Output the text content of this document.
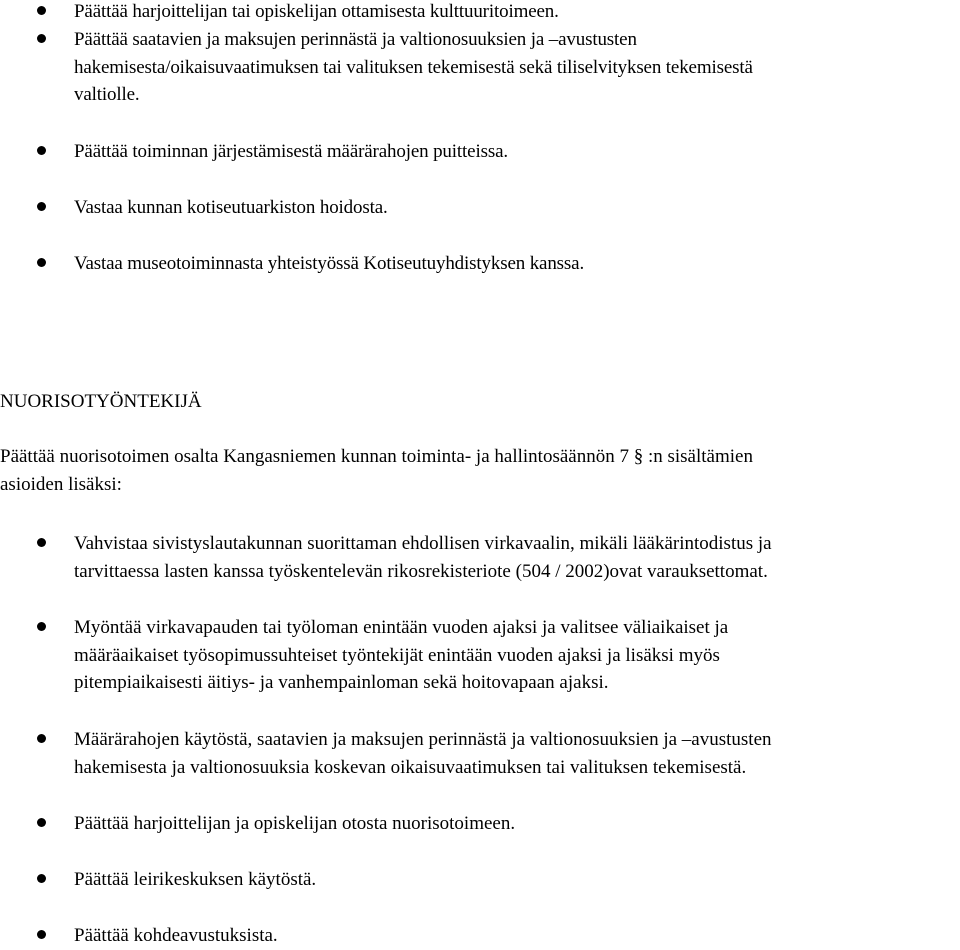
Päättää harjoittelijan tai opiskelijan ottamisesta kulttuuritoimeen.
Päättää saatavien ja maksujen perinnästä ja valtionosuuksien ja –avustusten
hakemisesta/oikaisuvaatimuksen tai valituksen tekemisestä sekä tiliselvityksen tekemisestä
valtiolle.
Päättää toiminnan järjestämisestä määrärahojen puitteissa.
Vastaa kunnan kotiseutuarkiston hoidosta.
Vastaa museotoiminnasta yhteistyössä Kotiseutuyhdistyksen kanssa.
NUORISOTYÖNTEKIJÄ
Päättää nuorisotoimen osalta Kangasniemen kunnan toiminta- ja hallintosäännön 7 § :n sisältämien
asioiden lisäksi:
Vahvistaa sivistyslautakunnan suorittaman ehdollisen virkavaalin, mikäli lääkärintodistus ja
tarvittaessa lasten kanssa työskentelevän rikosrekisteriote (504 / 2002)ovat varauksettomat.
Myöntää virkavapauden tai työloman enintään vuoden ajaksi ja valitsee väliaikaiset ja
määräaikaiset työsopimussuhteiset työntekijät enintään vuoden ajaksi ja lisäksi myös
pitempiaikaisesti äitiys- ja vanhempainloman sekä hoitovapaan ajaksi.
Määrärahojen käytöstä, saatavien ja maksujen perinnästä ja valtionosuuksien ja –avustusten
hakemisesta ja valtionosuuksia koskevan oikaisuvaatimuksen tai valituksen tekemisestä.
Päättää harjoittelijan ja opiskelijan otosta nuorisotoimeen.
Päättää leirikeskuksen käytöstä.
Päättää kohdeavustuksista.
